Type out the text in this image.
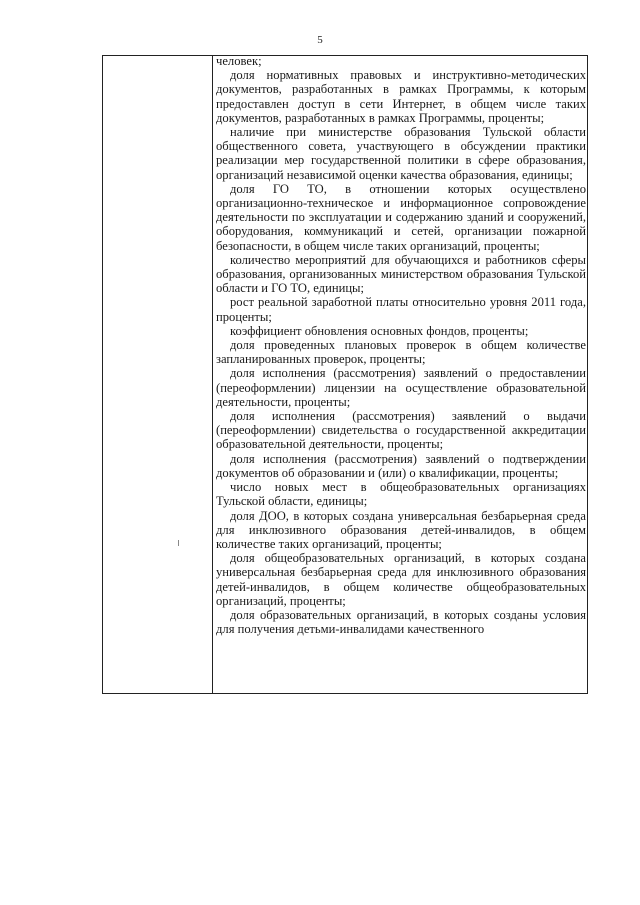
5

человек;

доля нормативных правовых и инструктивно-методических документов, разработанных в рамках Программы, к которым предоставлен доступ в сети Интернет, в общем числе таких документов, разработанных в рамках Программы, проценты;

наличие при министерстве образования Тульской области общественного совета, участвующего в обсуждении практики реализации мер государственной политики в сфере образования, организаций независимой оценки качества образования, единицы;

доля ГО ТО, в отношении которых осуществлено организационно-техническое и информационное сопровождение деятельности по эксплуатации и содержанию зданий и сооружений, оборудования, коммуникаций и сетей, организации пожарной безопасности, в общем числе таких организаций, проценты;

количество мероприятий для обучающихся и работников сферы образования, организованных министерством образования Тульской области и ГО ТО, единицы;

рост реальной заработной платы относительно уровня 2011 года, проценты;

коэффициент обновления основных фондов, проценты;

доля проведенных плановых проверок в общем количестве запланированных проверок, проценты;

доля исполнения (рассмотрения) заявлений о предоставлении (переоформлении) лицензии на осуществление образовательной деятельности, проценты;

доля исполнения (рассмотрения) заявлений о выдачи (переоформлении) свидетельства о государственной аккредитации образовательной деятельности, проценты;

доля исполнения (рассмотрения) заявлений о подтверждении документов об образовании и (или) о квалификации, проценты;

число новых мест в общеобразовательных организациях Тульской области, единицы;

доля ДОО, в которых создана универсальная безбарьерная среда для инклюзивного образования детей-инвалидов, в общем количестве таких организаций, проценты;

доля общеобразовательных организаций, в которых создана универсальная безбарьерная среда для инклюзивного образования детей-инвалидов, в общем количестве общеобразовательных организаций, проценты;

доля образовательных организаций, в которых созданы условия для получения детьми-инвалидами качественного
